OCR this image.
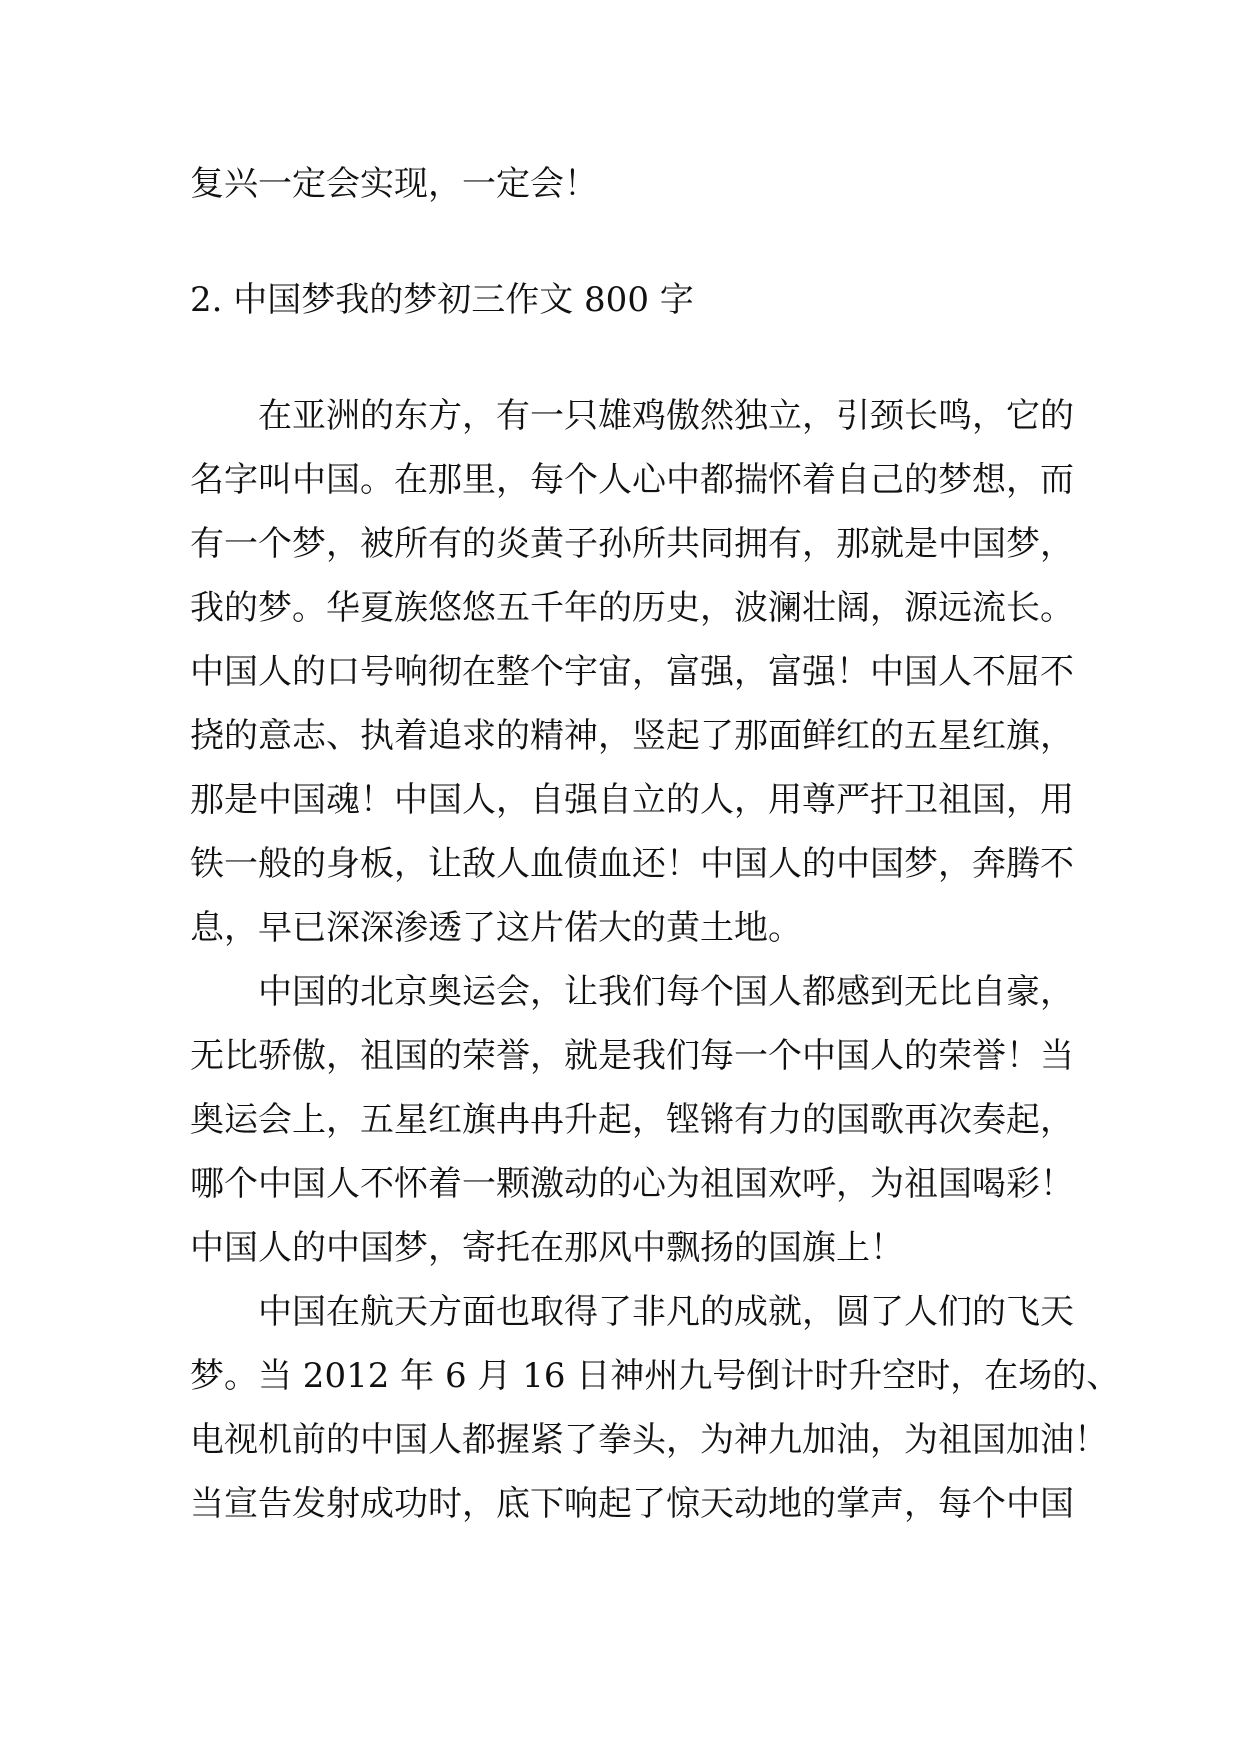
复兴一定会实现，一定会！
2. 中国梦我的梦初三作文 800 字
在亚洲的东方，有一只雄鸡傲然独立，引颈长鸣，它的
名字叫中国。在那里，每个人心中都揣怀着自己的梦想，而
有一个梦，被所有的炎黄子孙所共同拥有，那就是中国梦，
我的梦。华夏族悠悠五千年的历史，波澜壮阔，源远流长。
中国人的口号响彻在整个宇宙，富强，富强！中国人不屈不
挠的意志、执着追求的精神，竖起了那面鲜红的五星红旗，
那是中国魂！中国人，自强自立的人，用尊严扞卫祖国，用
铁一般的身板，让敌人血债血还！中国人的中国梦，奔腾不
息，早已深深渗透了这片偌大的黄土地。
中国的北京奥运会，让我们每个国人都感到无比自豪，
无比骄傲，祖国的荣誉，就是我们每一个中国人的荣誉！当
奥运会上，五星红旗冉冉升起，铿锵有力的国歌再次奏起，
哪个中国人不怀着一颗激动的心为祖国欢呼，为祖国喝彩！
中国人的中国梦，寄托在那风中飘扬的国旗上！
中国在航天方面也取得了非凡的成就，圆了人们的飞天
梦。当 2012 年 6 月 16 日神州九号倒计时升空时，在场的、
电视机前的中国人都握紧了拳头，为神九加油，为祖国加油！
当宣告发射成功时，底下响起了惊天动地的掌声，每个中国
